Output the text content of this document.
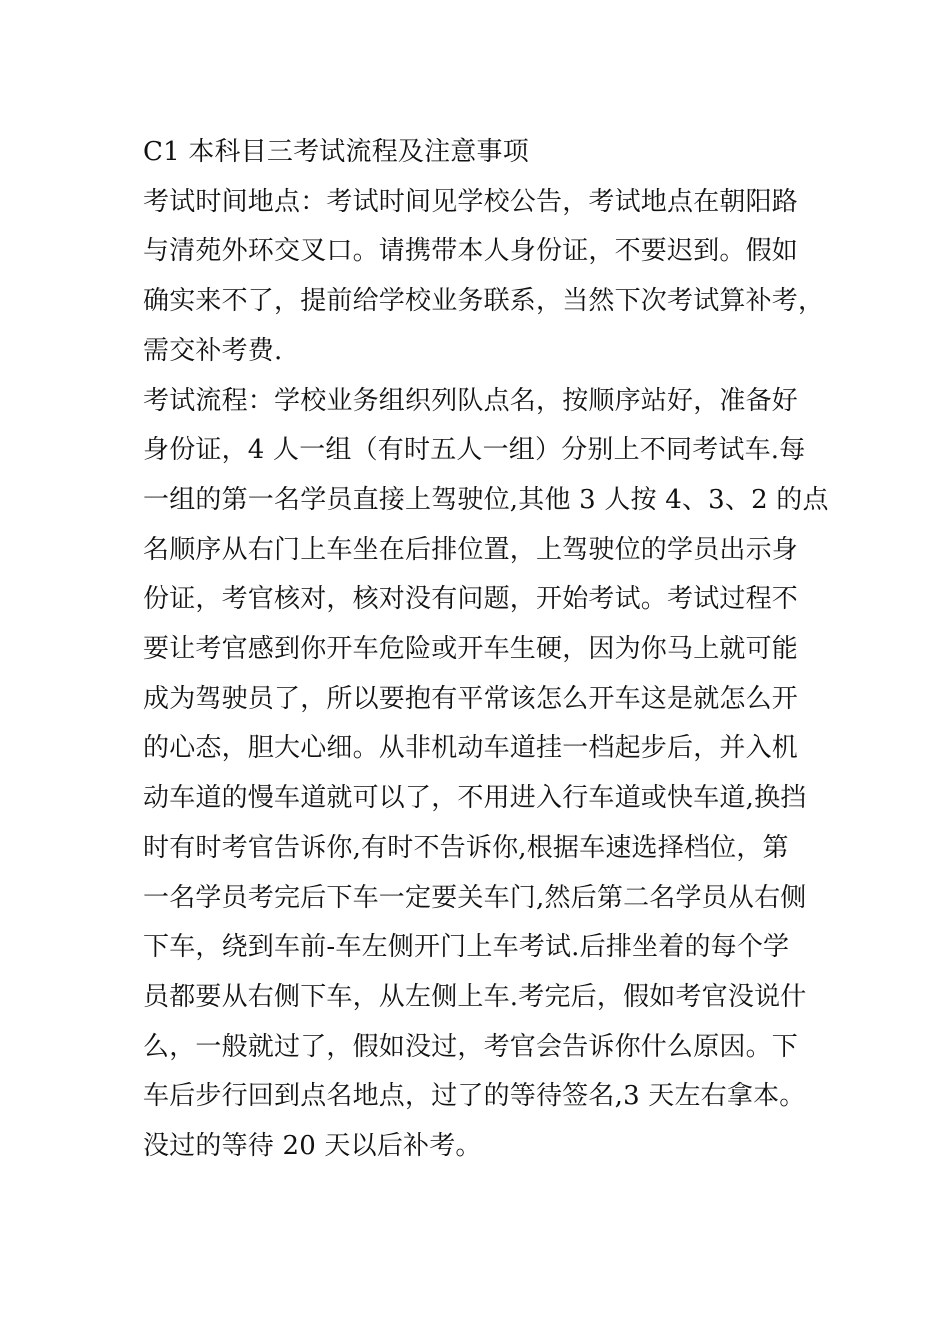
C1 本科目三考试流程及注意事项
考试时间地点：考试时间见学校公告，考试地点在朝阳路
与清苑外环交叉口。请携带本人身份证，不要迟到。假如
确实来不了，提前给学校业务联系，当然下次考试算补考，
需交补考费.
考试流程：学校业务组织列队点名，按顺序站好，准备好
身份证，4 人一组（有时五人一组）分别上不同考试车.每
一组的第一名学员直接上驾驶位,其他 3 人按 4、3、2 的点
名顺序从右门上车坐在后排位置，上驾驶位的学员出示身
份证，考官核对，核对没有问题，开始考试。考试过程不
要让考官感到你开车危险或开车生硬，因为你马上就可能
成为驾驶员了，所以要抱有平常该怎么开车这是就怎么开
的心态，胆大心细。从非机动车道挂一档起步后，并入机
动车道的慢车道就可以了，不用进入行车道或快车道,换挡
时有时考官告诉你,有时不告诉你,根据车速选择档位，第
一名学员考完后下车一定要关车门,然后第二名学员从右侧
下车，绕到车前-车左侧开门上车考试.后排坐着的每个学
员都要从右侧下车，从左侧上车.考完后，假如考官没说什
么，一般就过了，假如没过，考官会告诉你什么原因。下
车后步行回到点名地点，过了的等待签名,3 天左右拿本。
没过的等待 20 天以后补考。
